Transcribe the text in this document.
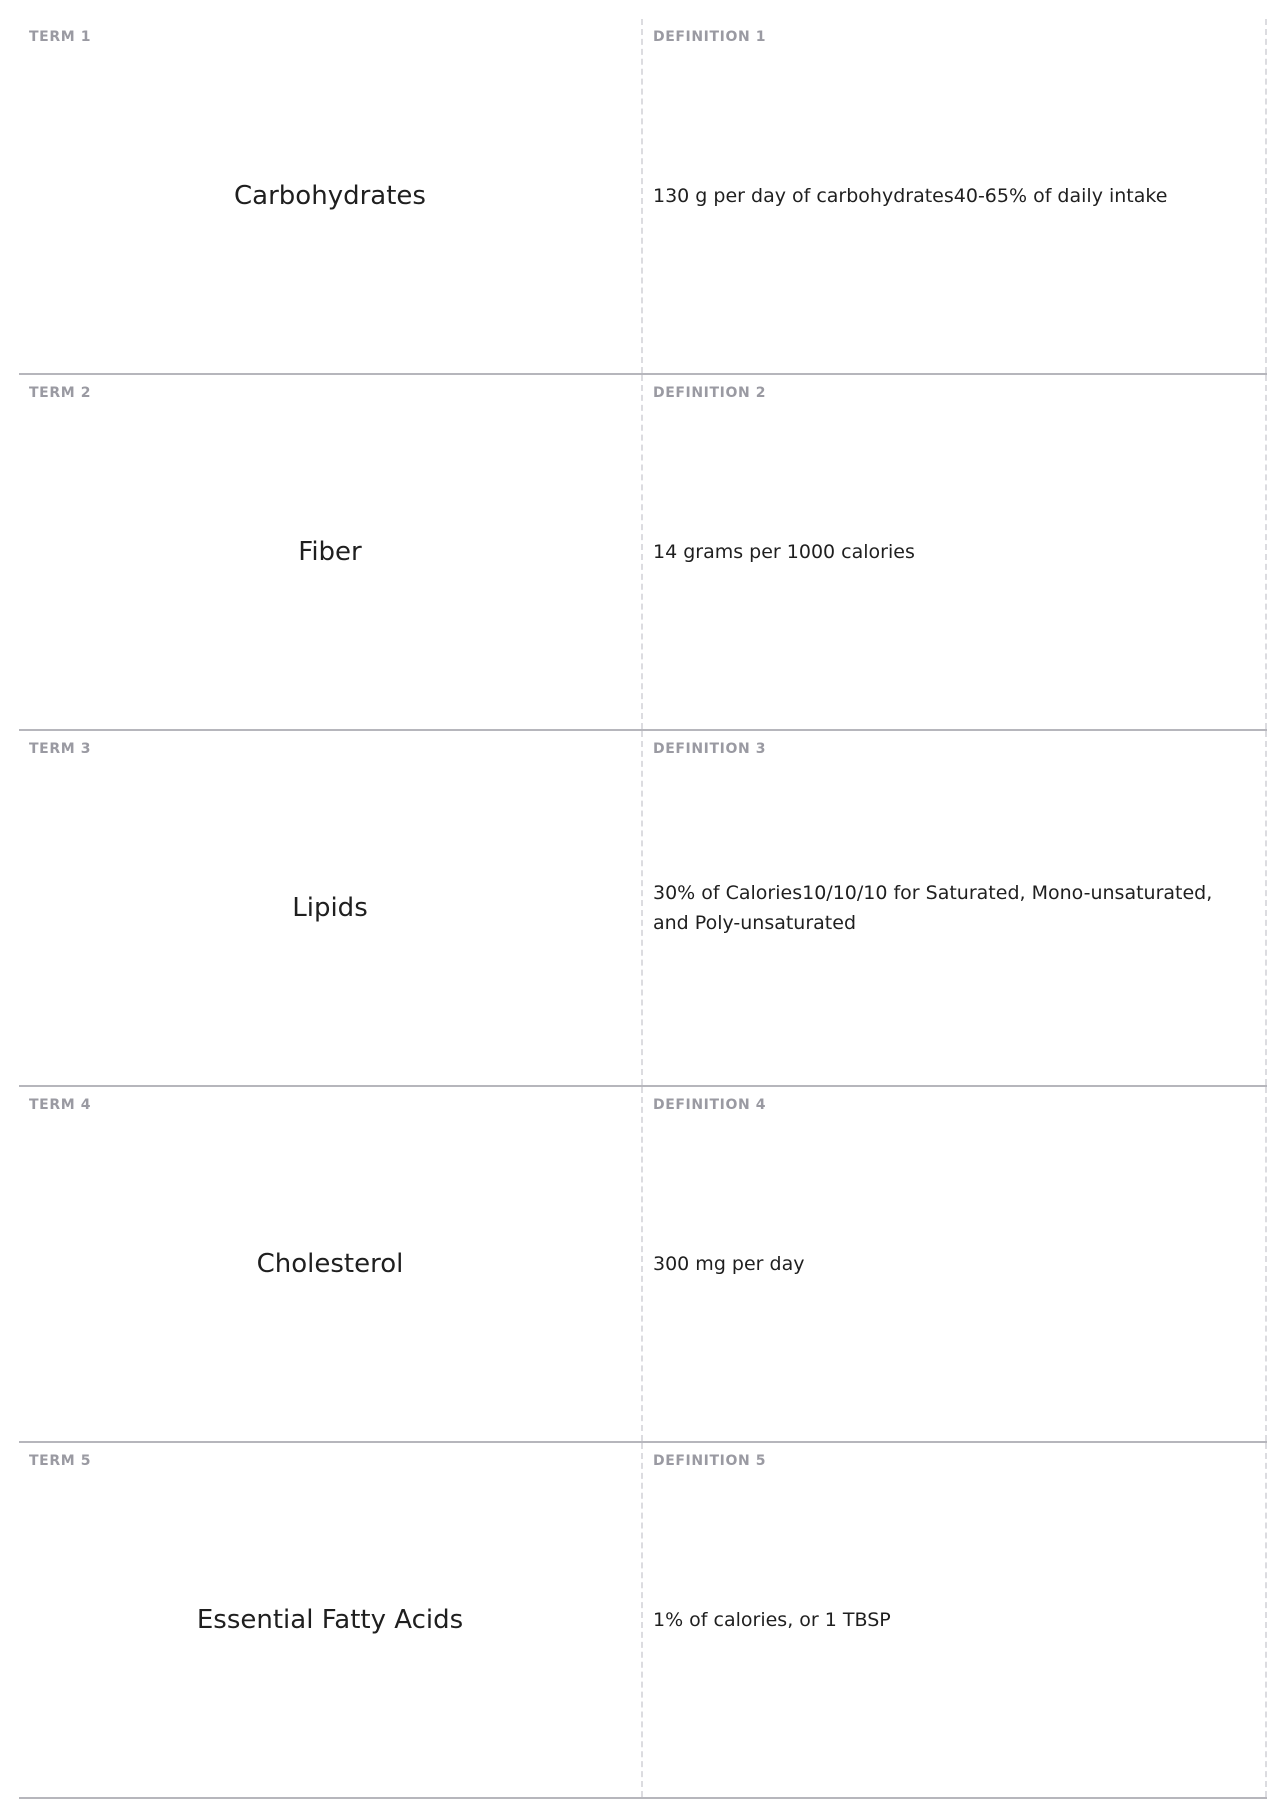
TERM 1
Carbohydrates
DEFINITION 1
130 g per day of carbohydrates40-65% of daily intake
TERM 2
Fiber
DEFINITION 2
14 grams per 1000 calories
TERM 3
Lipids
DEFINITION 3
30% of Calories10/10/10 for Saturated, Mono-unsaturated, and Poly-unsaturated
TERM 4
Cholesterol
DEFINITION 4
300 mg per day
TERM 5
Essential Fatty Acids
DEFINITION 5
1% of calories, or 1 TBSP
